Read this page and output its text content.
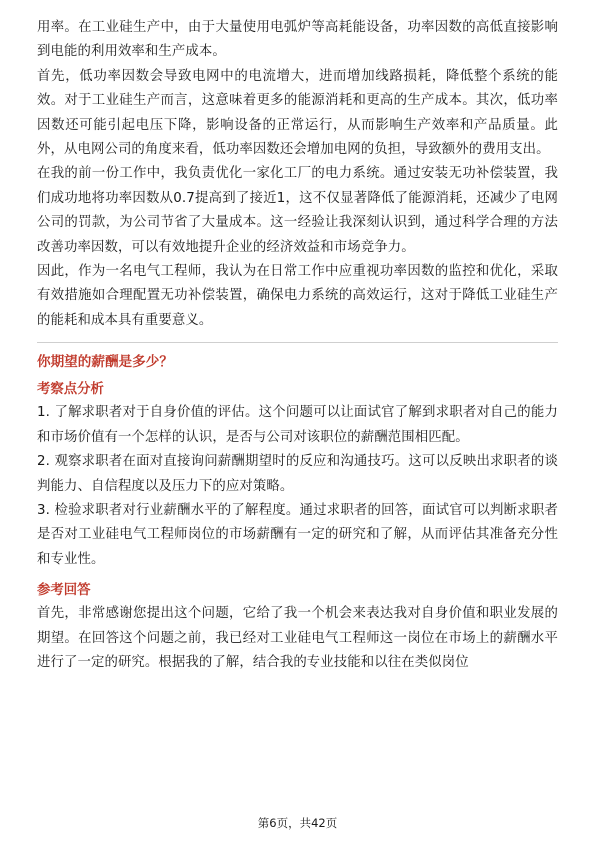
用率。在工业硅生产中，由于大量使用电弧炉等高耗能设备，功率因数的高低直接影响到电能的利用效率和生产成本。

首先，低功率因数会导致电网中的电流增大，进而增加线路损耗，降低整个系统的能效。对于工业硅生产而言，这意味着更多的能源消耗和更高的生产成本。其次，低功率因数还可能引起电压下降，影响设备的正常运行，从而影响生产效率和产品质量。此外，从电网公司的角度来看，低功率因数还会增加电网的负担，导致额外的费用支出。

在我的前一份工作中，我负责优化一家化工厂的电力系统。通过安装无功补偿装置，我们成功地将功率因数从0.7提高到了接近1，这不仅显著降低了能源消耗，还减少了电网公司的罚款，为公司节省了大量成本。这一经验让我深刻认识到，通过科学合理的方法改善功率因数，可以有效地提升企业的经济效益和市场竞争力。

因此，作为一名电气工程师，我认为在日常工作中应重视功率因数的监控和优化，采取有效措施如合理配置无功补偿装置，确保电力系统的高效运行，这对于降低工业硅生产的能耗和成本具有重要意义。

你期望的薪酬是多少？

考察点分析

1. 了解求职者对于自身价值的评估。这个问题可以让面试官了解到求职者对自己的能力和市场价值有一个怎样的认识，是否与公司对该职位的薪酬范围相匹配。

2. 观察求职者在面对直接询问薪酬期望时的反应和沟通技巧。这可以反映出求职者的谈判能力、自信程度以及压力下的应对策略。

3. 检验求职者对行业薪酬水平的了解程度。通过求职者的回答，面试官可以判断求职者是否对工业硅电气工程师岗位的市场薪酬有一定的研究和了解，从而评估其准备充分性和专业性。

参考回答

首先，非常感谢您提出这个问题，它给了我一个机会来表达我对自身价值和职业发展的期望。在回答这个问题之前，我已经对工业硅电气工程师这一岗位在市场上的薪酬水平进行了一定的研究。根据我的了解，结合我的专业技能和以往在类似岗位

第6页，共42页
